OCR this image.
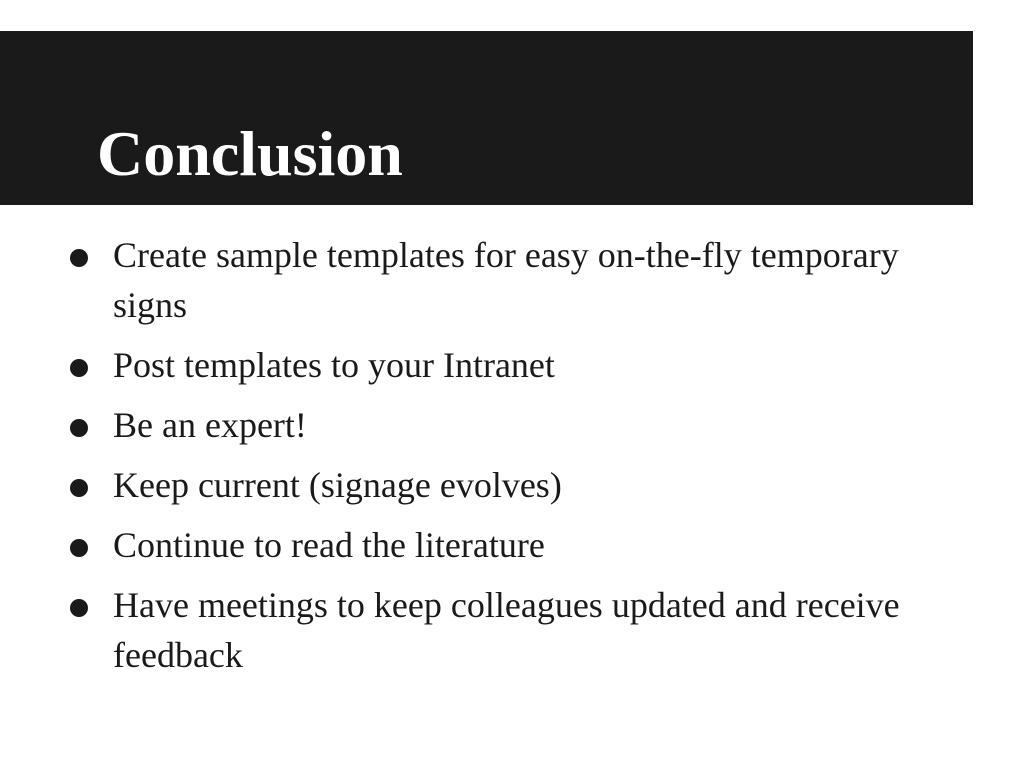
Conclusion
Create sample templates for easy on-the-fly temporary signs
Post templates to your Intranet
Be an expert!
Keep current (signage evolves)
Continue to read the literature
Have meetings to keep colleagues updated and receive feedback
